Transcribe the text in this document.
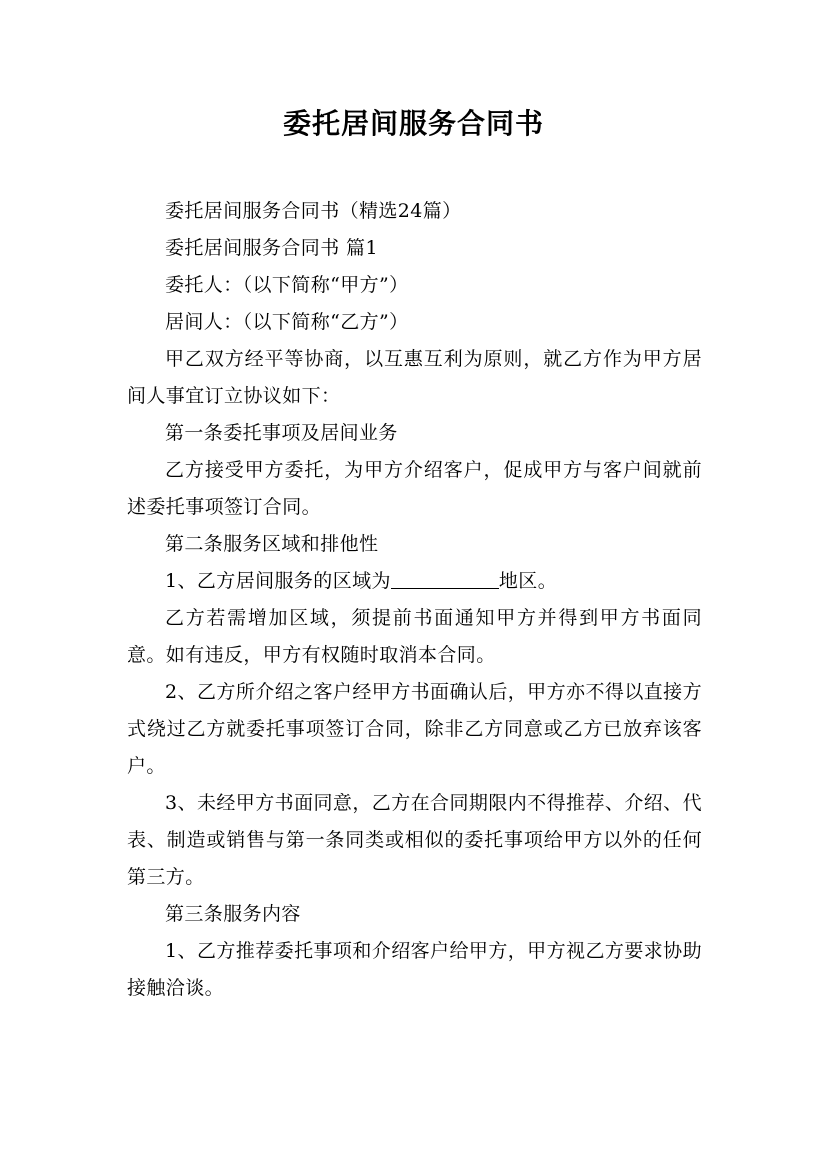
委托居间服务合同书

委托居间服务合同书（精选24篇）

委托居间服务合同书 篇1

委托人：（以下简称“甲方”）

居间人：（以下简称“乙方”）

甲乙双方经平等协商，以互惠互利为原则，就乙方作为甲方居间人事宜订立协议如下：

第一条委托事项及居间业务

乙方接受甲方委托，为甲方介绍客户，促成甲方与客户间就前述委托事项签订合同。

第二条服务区域和排他性

1、乙方居间服务的区域为	地区。

乙方若需增加区域，须提前书面通知甲方并得到甲方书面同意。如有违反，甲方有权随时取消本合同。

2、乙方所介绍之客户经甲方书面确认后，甲方亦不得以直接方式绕过乙方就委托事项签订合同，除非乙方同意或乙方已放弃该客户。

3、未经甲方书面同意，乙方在合同期限内不得推荐、介绍、代表、制造或销售与第一条同类或相似的委托事项给甲方以外的任何第三方。

第三条服务内容

1、乙方推荐委托事项和介绍客户给甲方，甲方视乙方要求协助接触洽谈。
